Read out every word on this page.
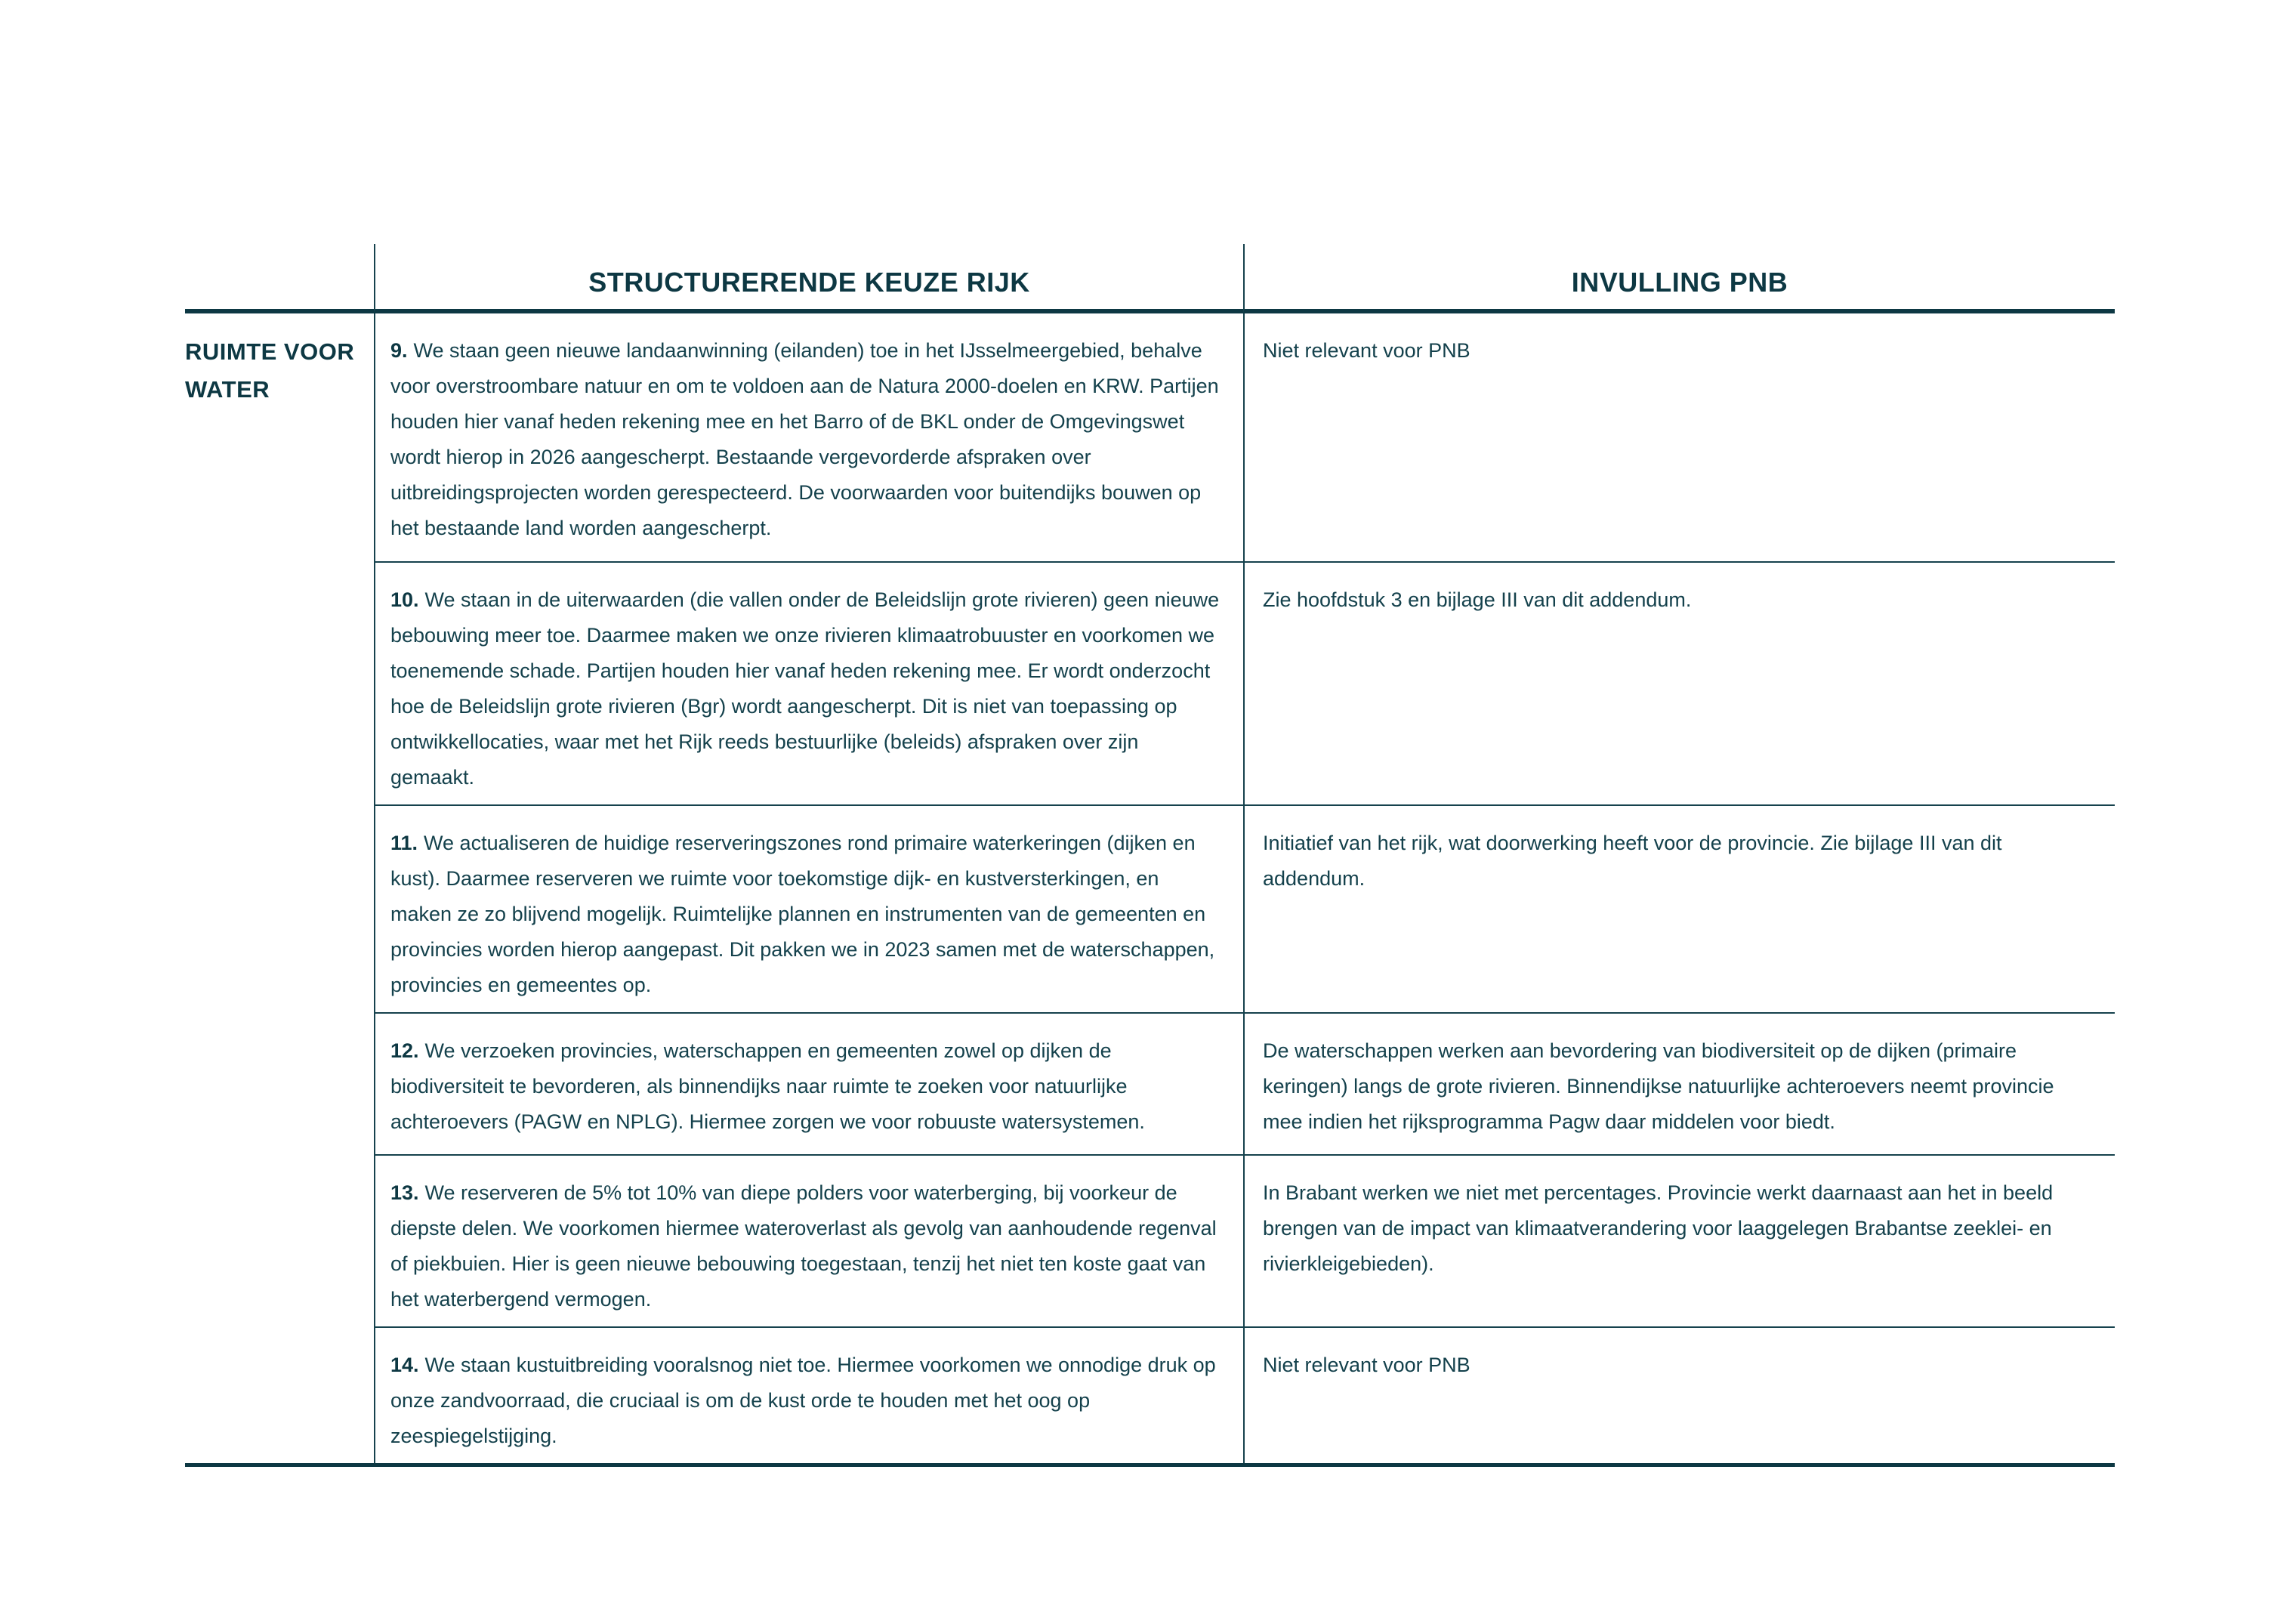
STRUCTURERENDE KEUZE RIJK	INVULLING PNB
RUIMTE VOOR WATER
9. We staan geen nieuwe landaanwinning (eilanden) toe in het IJsselmeergebied, behalve voor overstroombare natuur en om te voldoen aan de Natura 2000-doelen en KRW. Partijen houden hier vanaf heden rekening mee en het Barro of de BKL onder de Omgevingswet wordt hierop in 2026 aangescherpt. Bestaande vergevorderde afspraken over uitbreidingsprojecten worden gerespecteerd. De voorwaarden voor buitendijks bouwen op het bestaande land worden aangescherpt.
Niet relevant voor PNB
10. We staan in de uiterwaarden (die vallen onder de Beleidslijn grote rivieren) geen nieuwe bebouwing meer toe. Daarmee maken we onze rivieren klimaatrobuuster en voorkomen we toenemende schade. Partijen houden hier vanaf heden rekening mee. Er wordt onderzocht hoe de Beleidslijn grote rivieren (Bgr) wordt aangescherpt. Dit is niet van toepassing op ontwikkellocaties, waar met het Rijk reeds bestuurlijke (beleids) afspraken over zijn gemaakt.
Zie hoofdstuk 3 en bijlage III van dit addendum.
11. We actualiseren de huidige reserveringszones rond primaire waterkeringen (dijken en kust). Daarmee reserveren we ruimte voor toekomstige dijk- en kustversterkingen, en maken ze zo blijvend mogelijk. Ruimtelijke plannen en instrumenten van de gemeenten en provincies worden hierop aangepast. Dit pakken we in 2023 samen met de waterschappen, provincies en gemeentes op.
Initiatief van het rijk, wat doorwerking heeft voor de provincie. Zie bijlage III van dit addendum.
12. We verzoeken provincies, waterschappen en gemeenten zowel op dijken de biodiversiteit te bevorderen, als binnendijks naar ruimte te zoeken voor natuurlijke achteroevers (PAGW en NPLG). Hiermee zorgen we voor robuuste watersystemen.
De waterschappen werken aan bevordering van biodiversiteit op de dijken (primaire keringen) langs de grote rivieren. Binnendijkse natuurlijke achteroevers neemt provincie mee indien het rijksprogramma Pagw daar middelen voor biedt.
13. We reserveren de 5% tot 10% van diepe polders voor waterberging, bij voorkeur de diepste delen. We voorkomen hiermee wateroverlast als gevolg van aanhoudende regenval of piekbuien. Hier is geen nieuwe bebouwing toegestaan, tenzij het niet ten koste gaat van het waterbergend vermogen.
In Brabant werken we niet met percentages. Provincie werkt daarnaast aan het in beeld brengen van de impact van klimaatverandering voor laaggelegen Brabantse zeeklei- en rivierkleigebieden).
14. We staan kustuitbreiding vooralsnog niet toe. Hiermee voorkomen we onnodige druk op onze zandvoorraad, die cruciaal is om de kust orde te houden met het oog op zeespiegelstijging.
Niet relevant voor PNB
